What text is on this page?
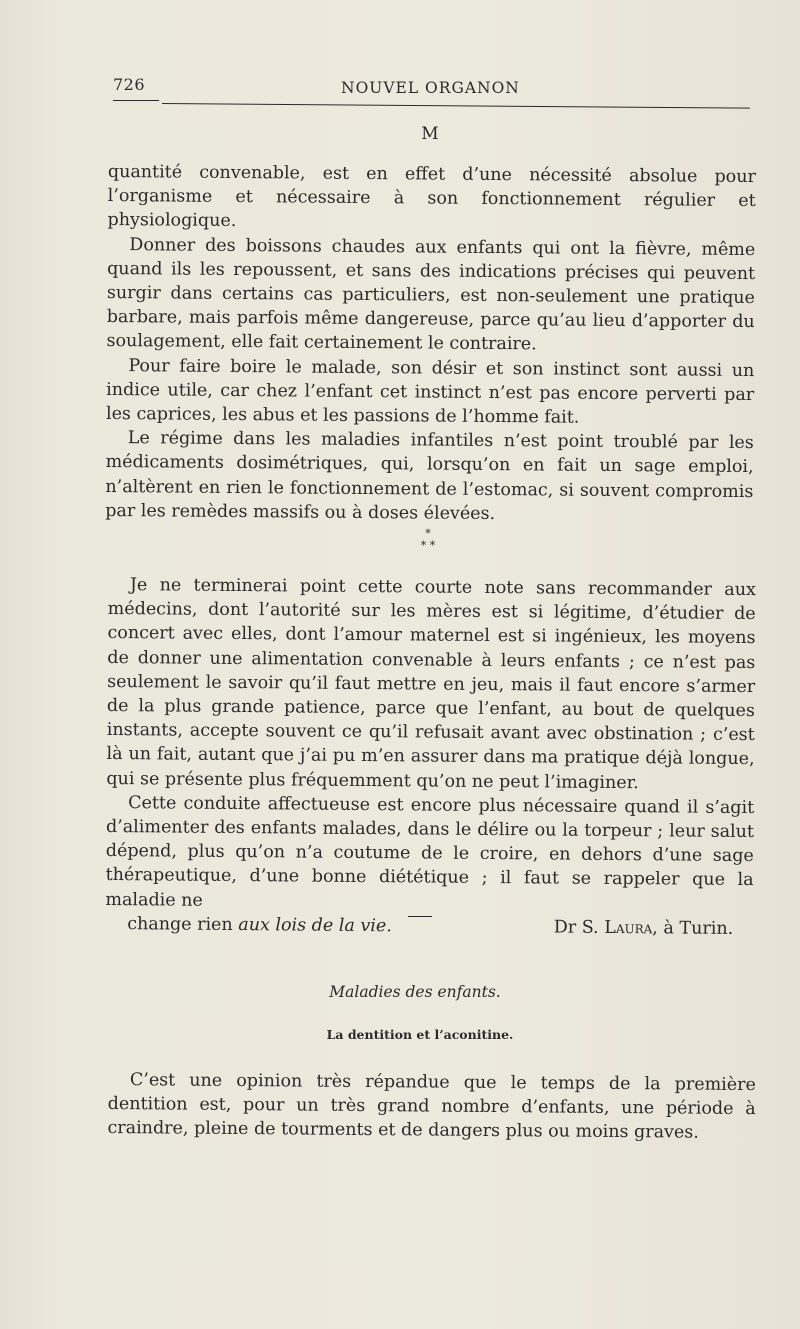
726	NOUVEL ORGANON
M

quantité convenable, est en effet d’une nécessité absolue pour l’organisme et nécessaire à son fonctionnement régulier et physiologique.

Donner des boissons chaudes aux enfants qui ont la fièvre, même quand ils les repoussent, et sans des indications précises qui peuvent surgir dans certains cas particuliers, est non-seulement une pratique barbare, mais parfois même dangereuse, parce qu’au lieu d’apporter du soulagement, elle fait certainement le contraire.

Pour faire boire le malade, son désir et son instinct sont aussi un indice utile, car chez l’enfant cet instinct n’est pas encore perverti par les caprices, les abus et les passions de l’homme fait.

Le régime dans les maladies infantiles n’est point troublé par les médicaments dosimétriques, qui, lorsqu’on en fait un sage emploi, n’altèrent en rien le fonctionnement de l’estomac, si souvent compromis par les remèdes massifs ou à doses élevées.

*
* *

Je ne terminerai point cette courte note sans recommander aux médecins, dont l’autorité sur les mères est si légitime, d’étudier de concert avec elles, dont l’amour maternel est si ingénieux, les moyens de donner une alimentation convenable à leurs enfants ; ce n’est pas seulement le savoir qu’il faut mettre en jeu, mais il faut encore s’armer de la plus grande patience, parce que l’enfant, au bout de quelques instants, accepte souvent ce qu’il refusait avant avec obstination ; c’est là un fait, autant que j’ai pu m’en assurer dans ma pratique déjà longue, qui se présente plus fréquemment qu’on ne peut l’imaginer.

Cette conduite affectueuse est encore plus nécessaire quand il s’agit d’alimenter des enfants malades, dans le délire ou la torpeur ; leur salut dépend, plus qu’on n’a coutume de le croire, en dehors d’une sage thérapeutique, d’une bonne diététique ; il faut se rappeler que la maladie ne

change rien aux lois de la vie.	Dr S. Laura, à Turin.

Maladies des enfants.
La dentition et l’aconitine.

C’est une opinion très répandue que le temps de la première dentition est, pour un très grand nombre d’enfants, une période à craindre, pleine de tourments et de dangers plus ou moins graves.
